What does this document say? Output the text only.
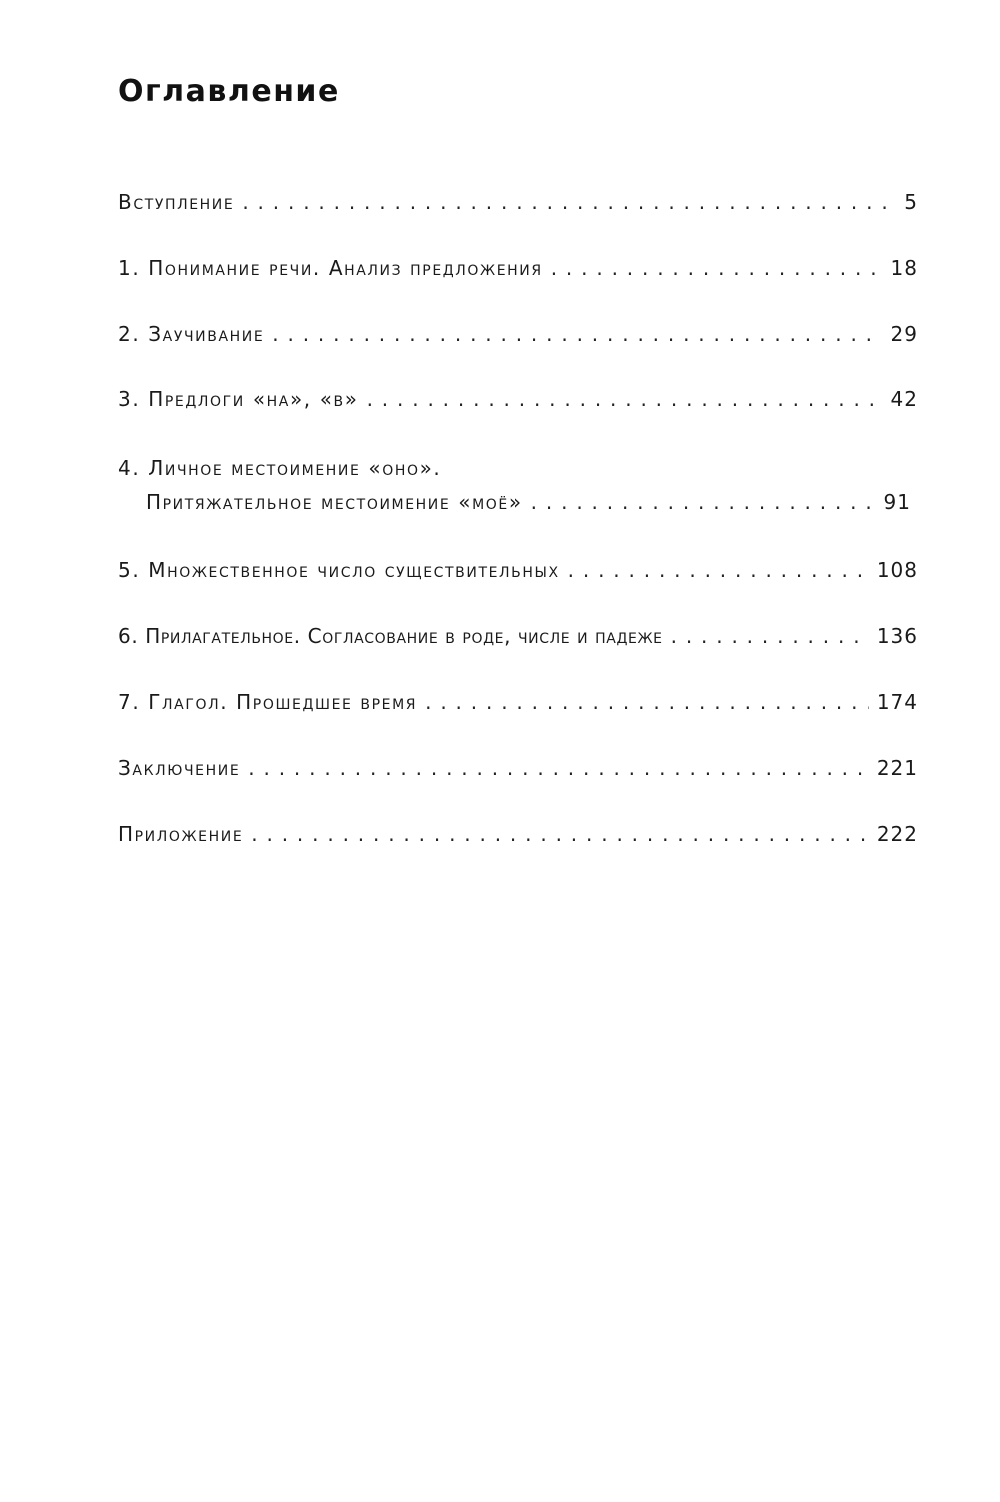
Оглавление
Вступление . . .	5
1. Понимание речи. Анализ предложения . . .	18
2. Заучивание . . .	29
3. Предлоги «на», «в» . . .	42
4. Личное местоимение «оно».
Притяжательное местоимение «моё» . . .	91
5. Множественное число существительных . . .	108
6. Прилагательное. Согласование в роде, числе и падеже . . .	136
7. Глагол. Прошедшее время . . .	174
Заключение . . .	221
Приложение . . .	222
